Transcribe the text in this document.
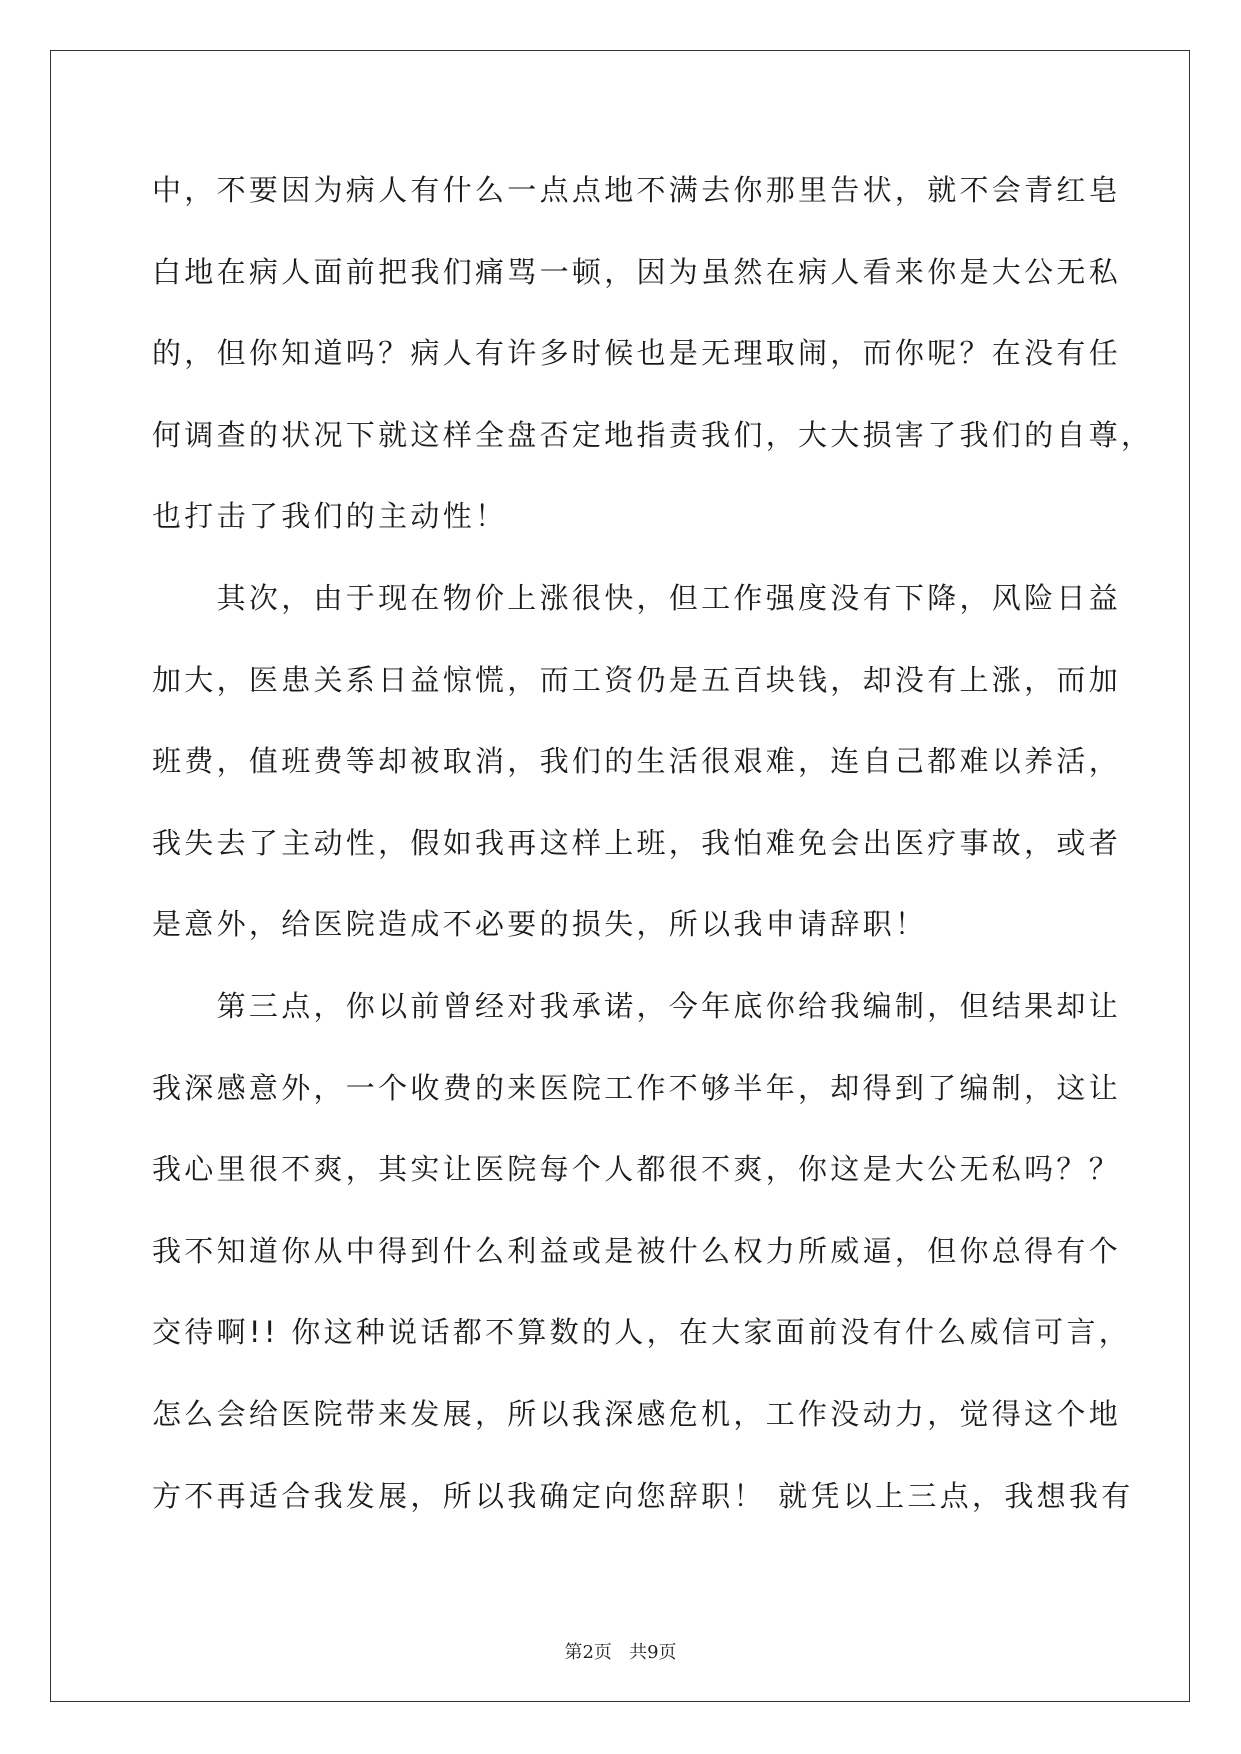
中，不要因为病人有什么一点点地不满去你那里告状，就不会青红皂
白地在病人面前把我们痛骂一顿，因为虽然在病人看来你是大公无私
的，但你知道吗？病人有许多时候也是无理取闹，而你呢？在没有任
何调查的状况下就这样全盘否定地指责我们，大大损害了我们的自尊，
也打击了我们的主动性！
　　其次，由于现在物价上涨很快，但工作强度没有下降，风险日益
加大，医患关系日益惊慌，而工资仍是五百块钱，却没有上涨，而加
班费，值班费等却被取消，我们的生活很艰难，连自己都难以养活，
我失去了主动性，假如我再这样上班，我怕难免会出医疗事故，或者
是意外，给医院造成不必要的损失，所以我申请辞职！
　　第三点，你以前曾经对我承诺，今年底你给我编制，但结果却让
我深感意外，一个收费的来医院工作不够半年，却得到了编制，这让
我心里很不爽，其实让医院每个人都很不爽，你这是大公无私吗？？
我不知道你从中得到什么利益或是被什么权力所威逼，但你总得有个
交待啊!! 你这种说话都不算数的人，在大家面前没有什么威信可言，
怎么会给医院带来发展，所以我深感危机，工作没动力，觉得这个地
方不再适合我发展，所以我确定向您辞职！ 就凭以上三点，我想我有
第2页   共9页
